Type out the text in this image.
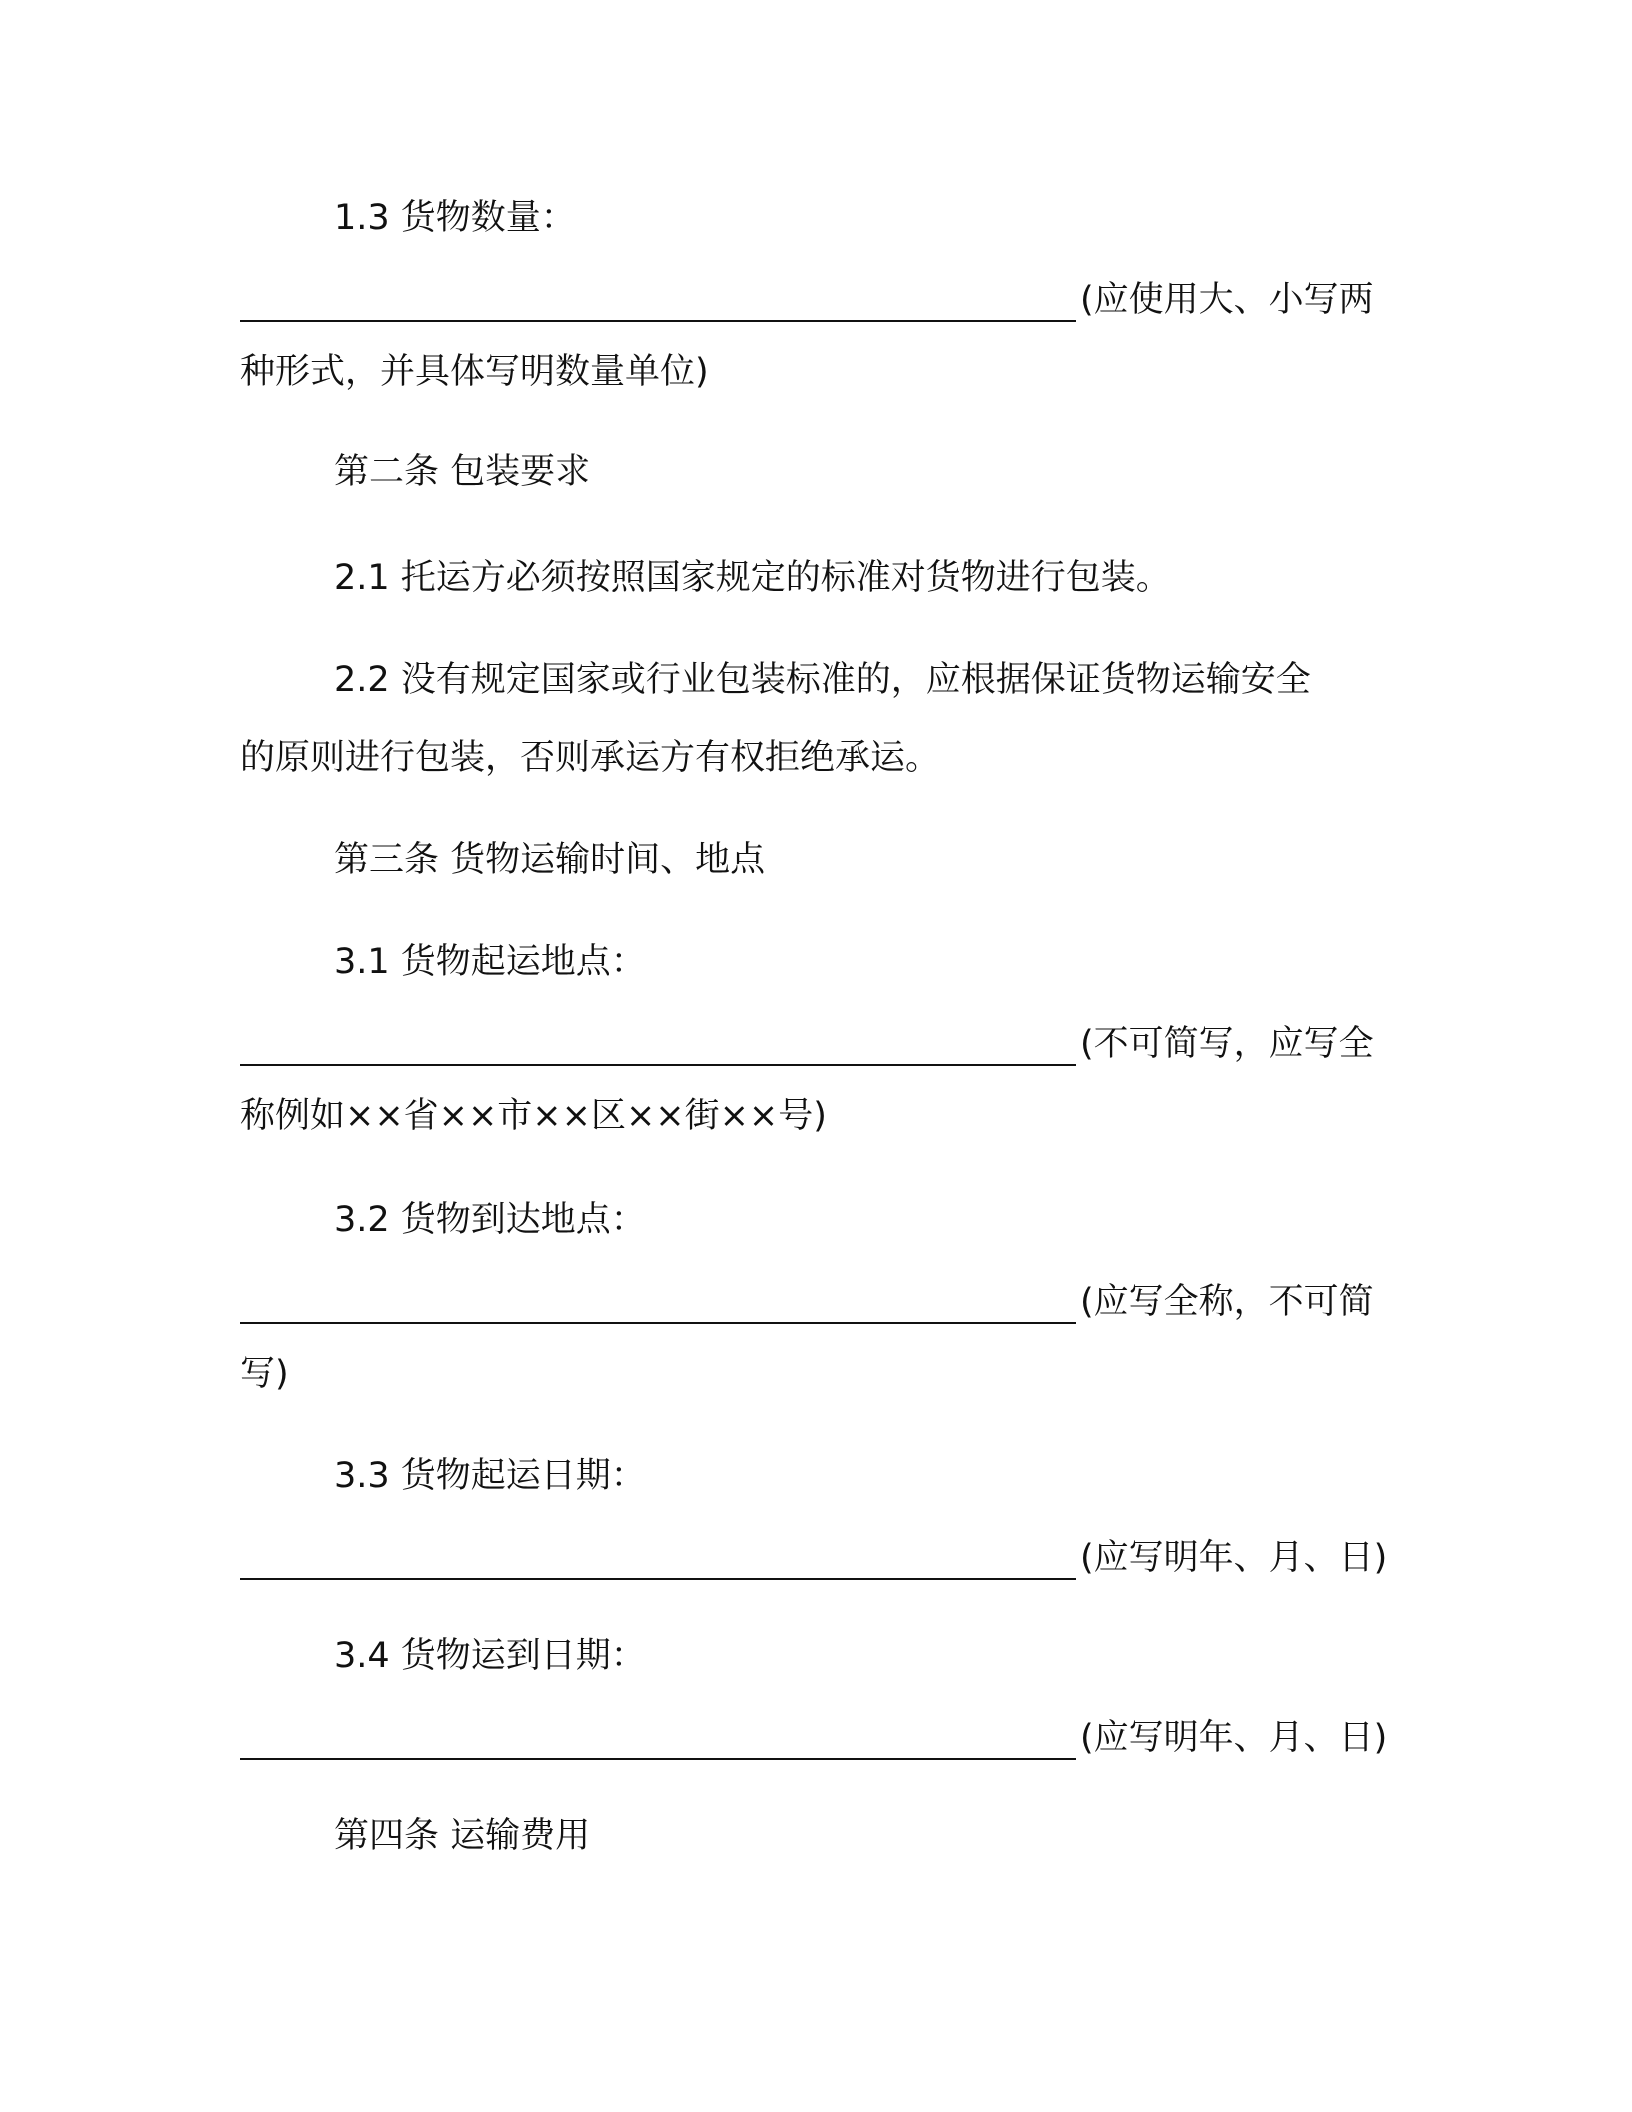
1.3 货物数量：
(应使用大、小写两
种形式，并具体写明数量单位)
第二条 包装要求
2.1 托运方必须按照国家规定的标准对货物进行包装。
2.2 没有规定国家或行业包装标准的，应根据保证货物运输安全
的原则进行包装，否则承运方有权拒绝承运。
第三条 货物运输时间、地点
3.1 货物起运地点：
(不可简写，应写全
称例如××省××市××区××街××号)
3.2 货物到达地点：
(应写全称，不可简
写)
3.3 货物起运日期：
(应写明年、月、日)
3.4 货物运到日期：
(应写明年、月、日)
第四条 运输费用
